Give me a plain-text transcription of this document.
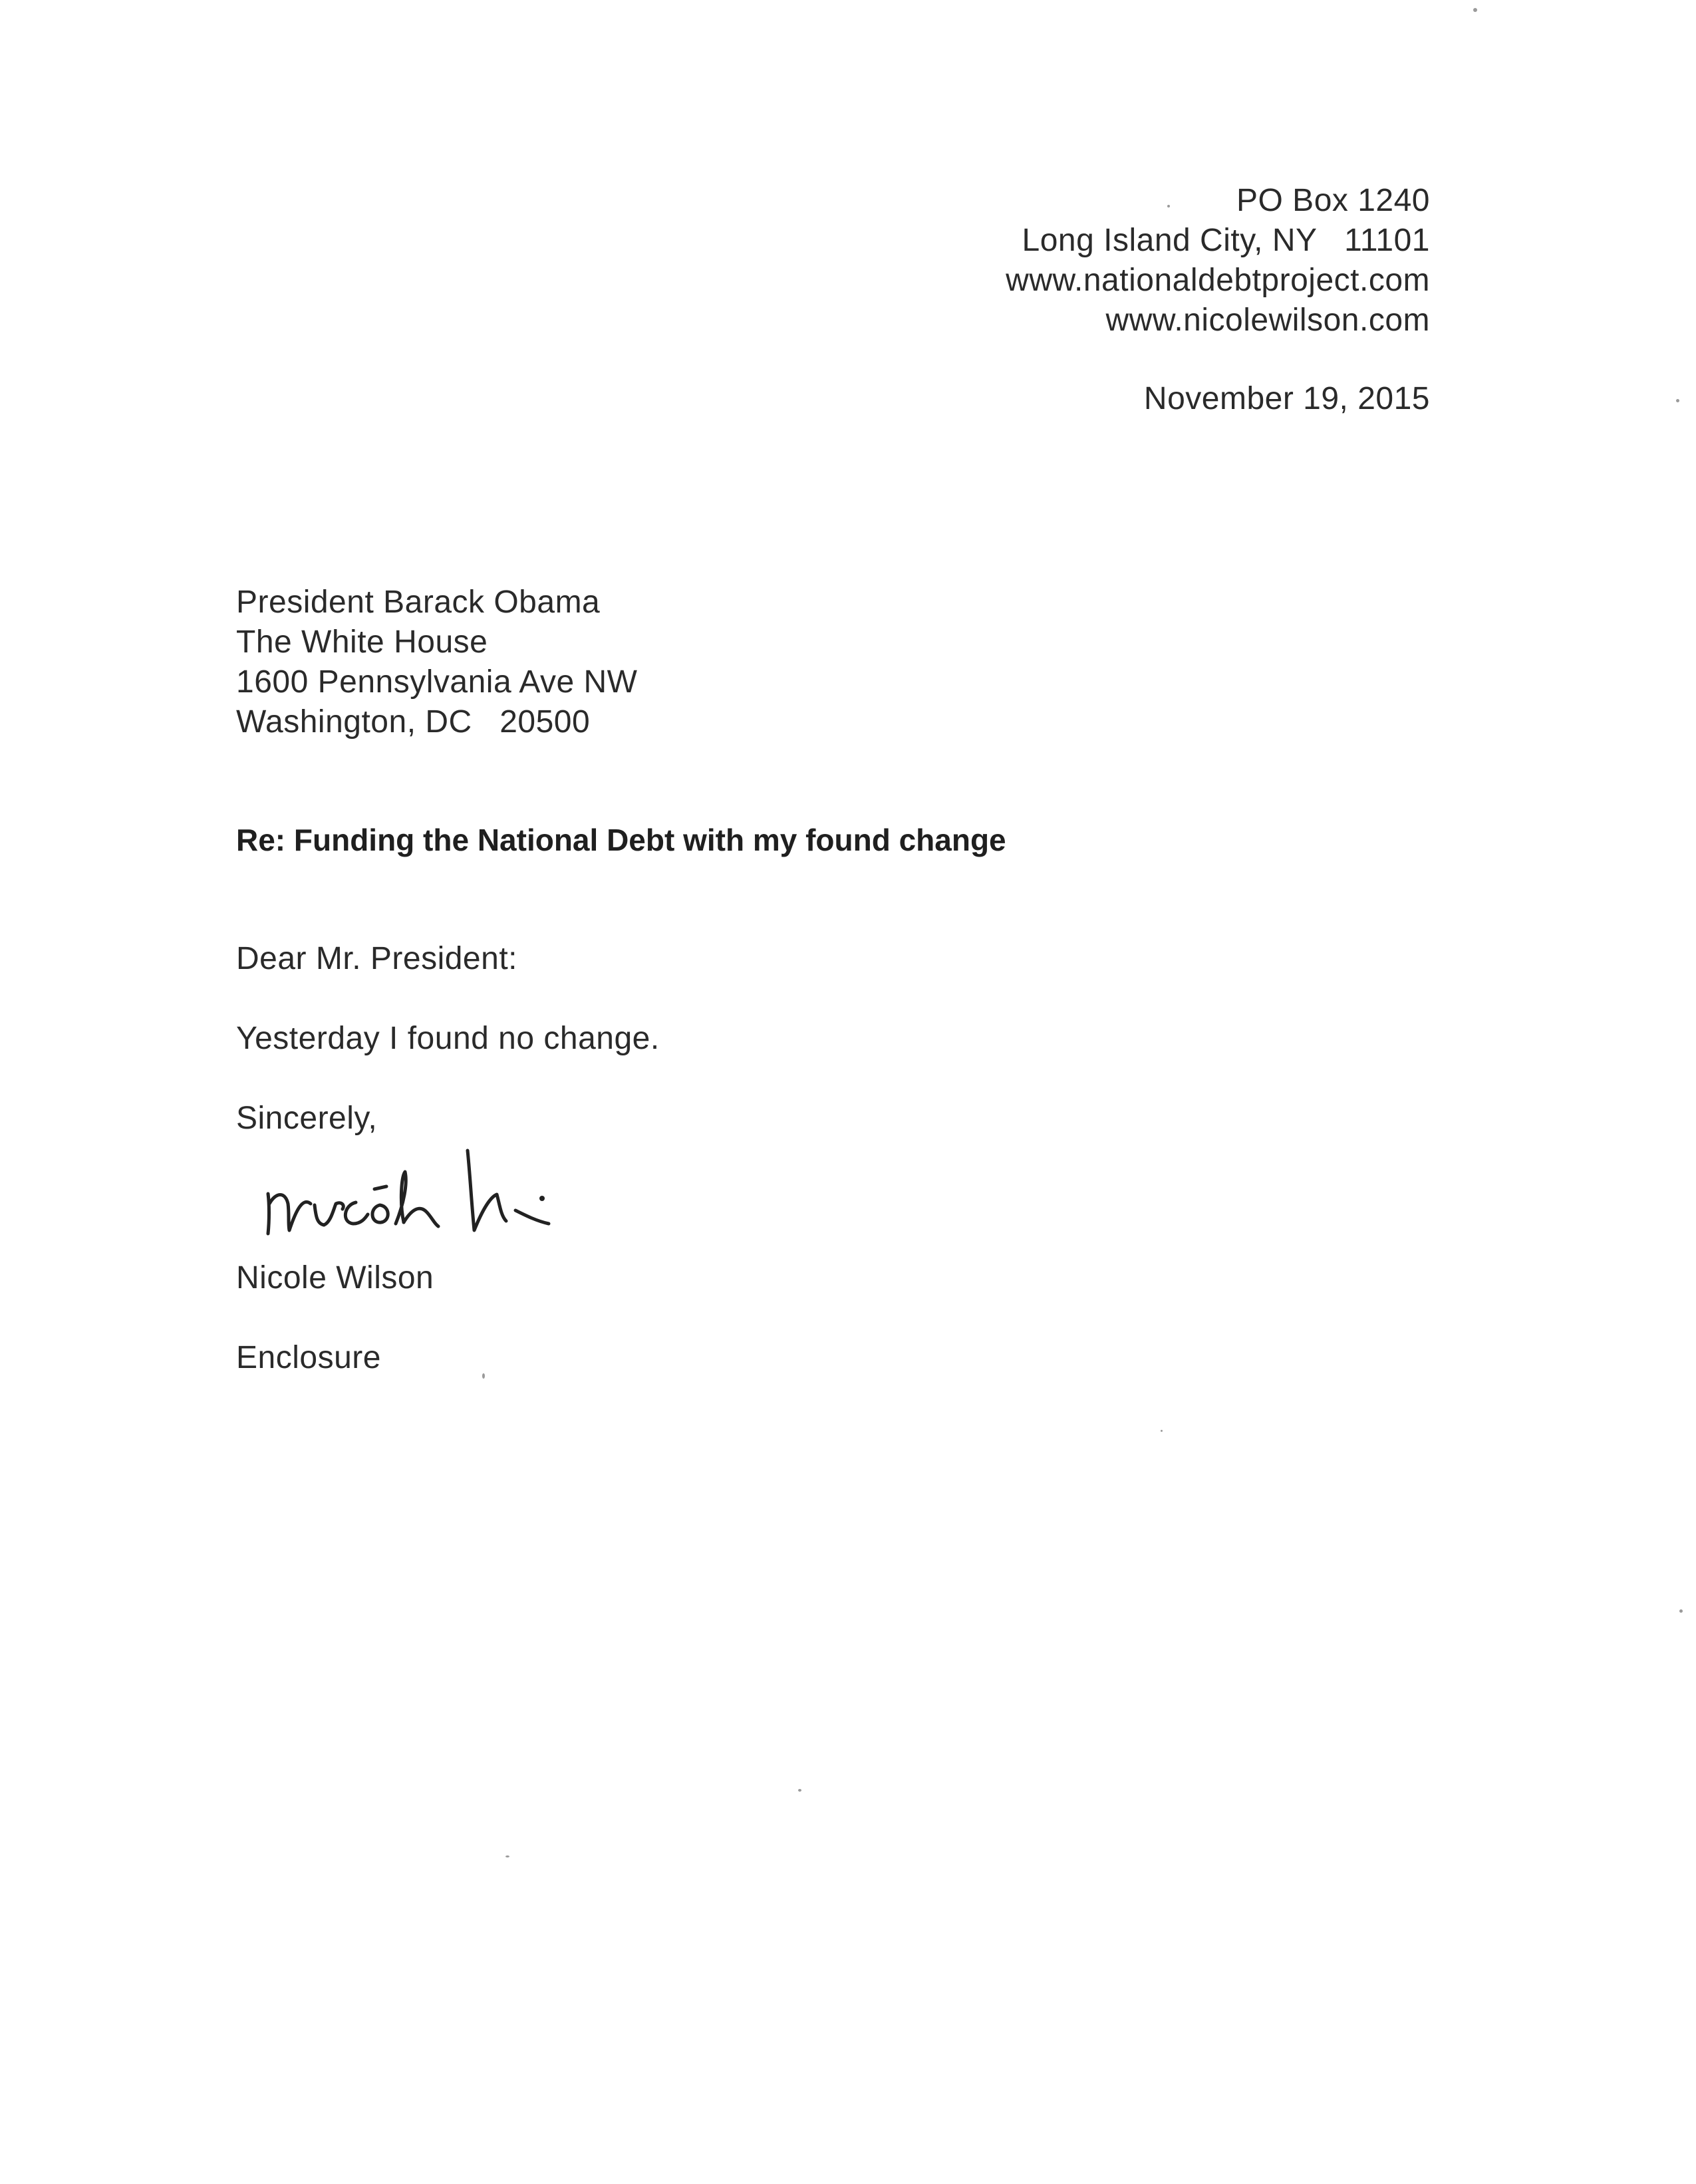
PO Box 1240
Long Island City, NY   11101
www.nationaldebtproject.com
www.nicolewilson.com
November 19, 2015
President Barack Obama
The White House
1600 Pennsylvania Ave NW
Washington, DC   20500
Re: Funding the National Debt with my found change
Dear Mr. President:
Yesterday I found no change.
Sincerely,
Nicole Wilson
Enclosure
